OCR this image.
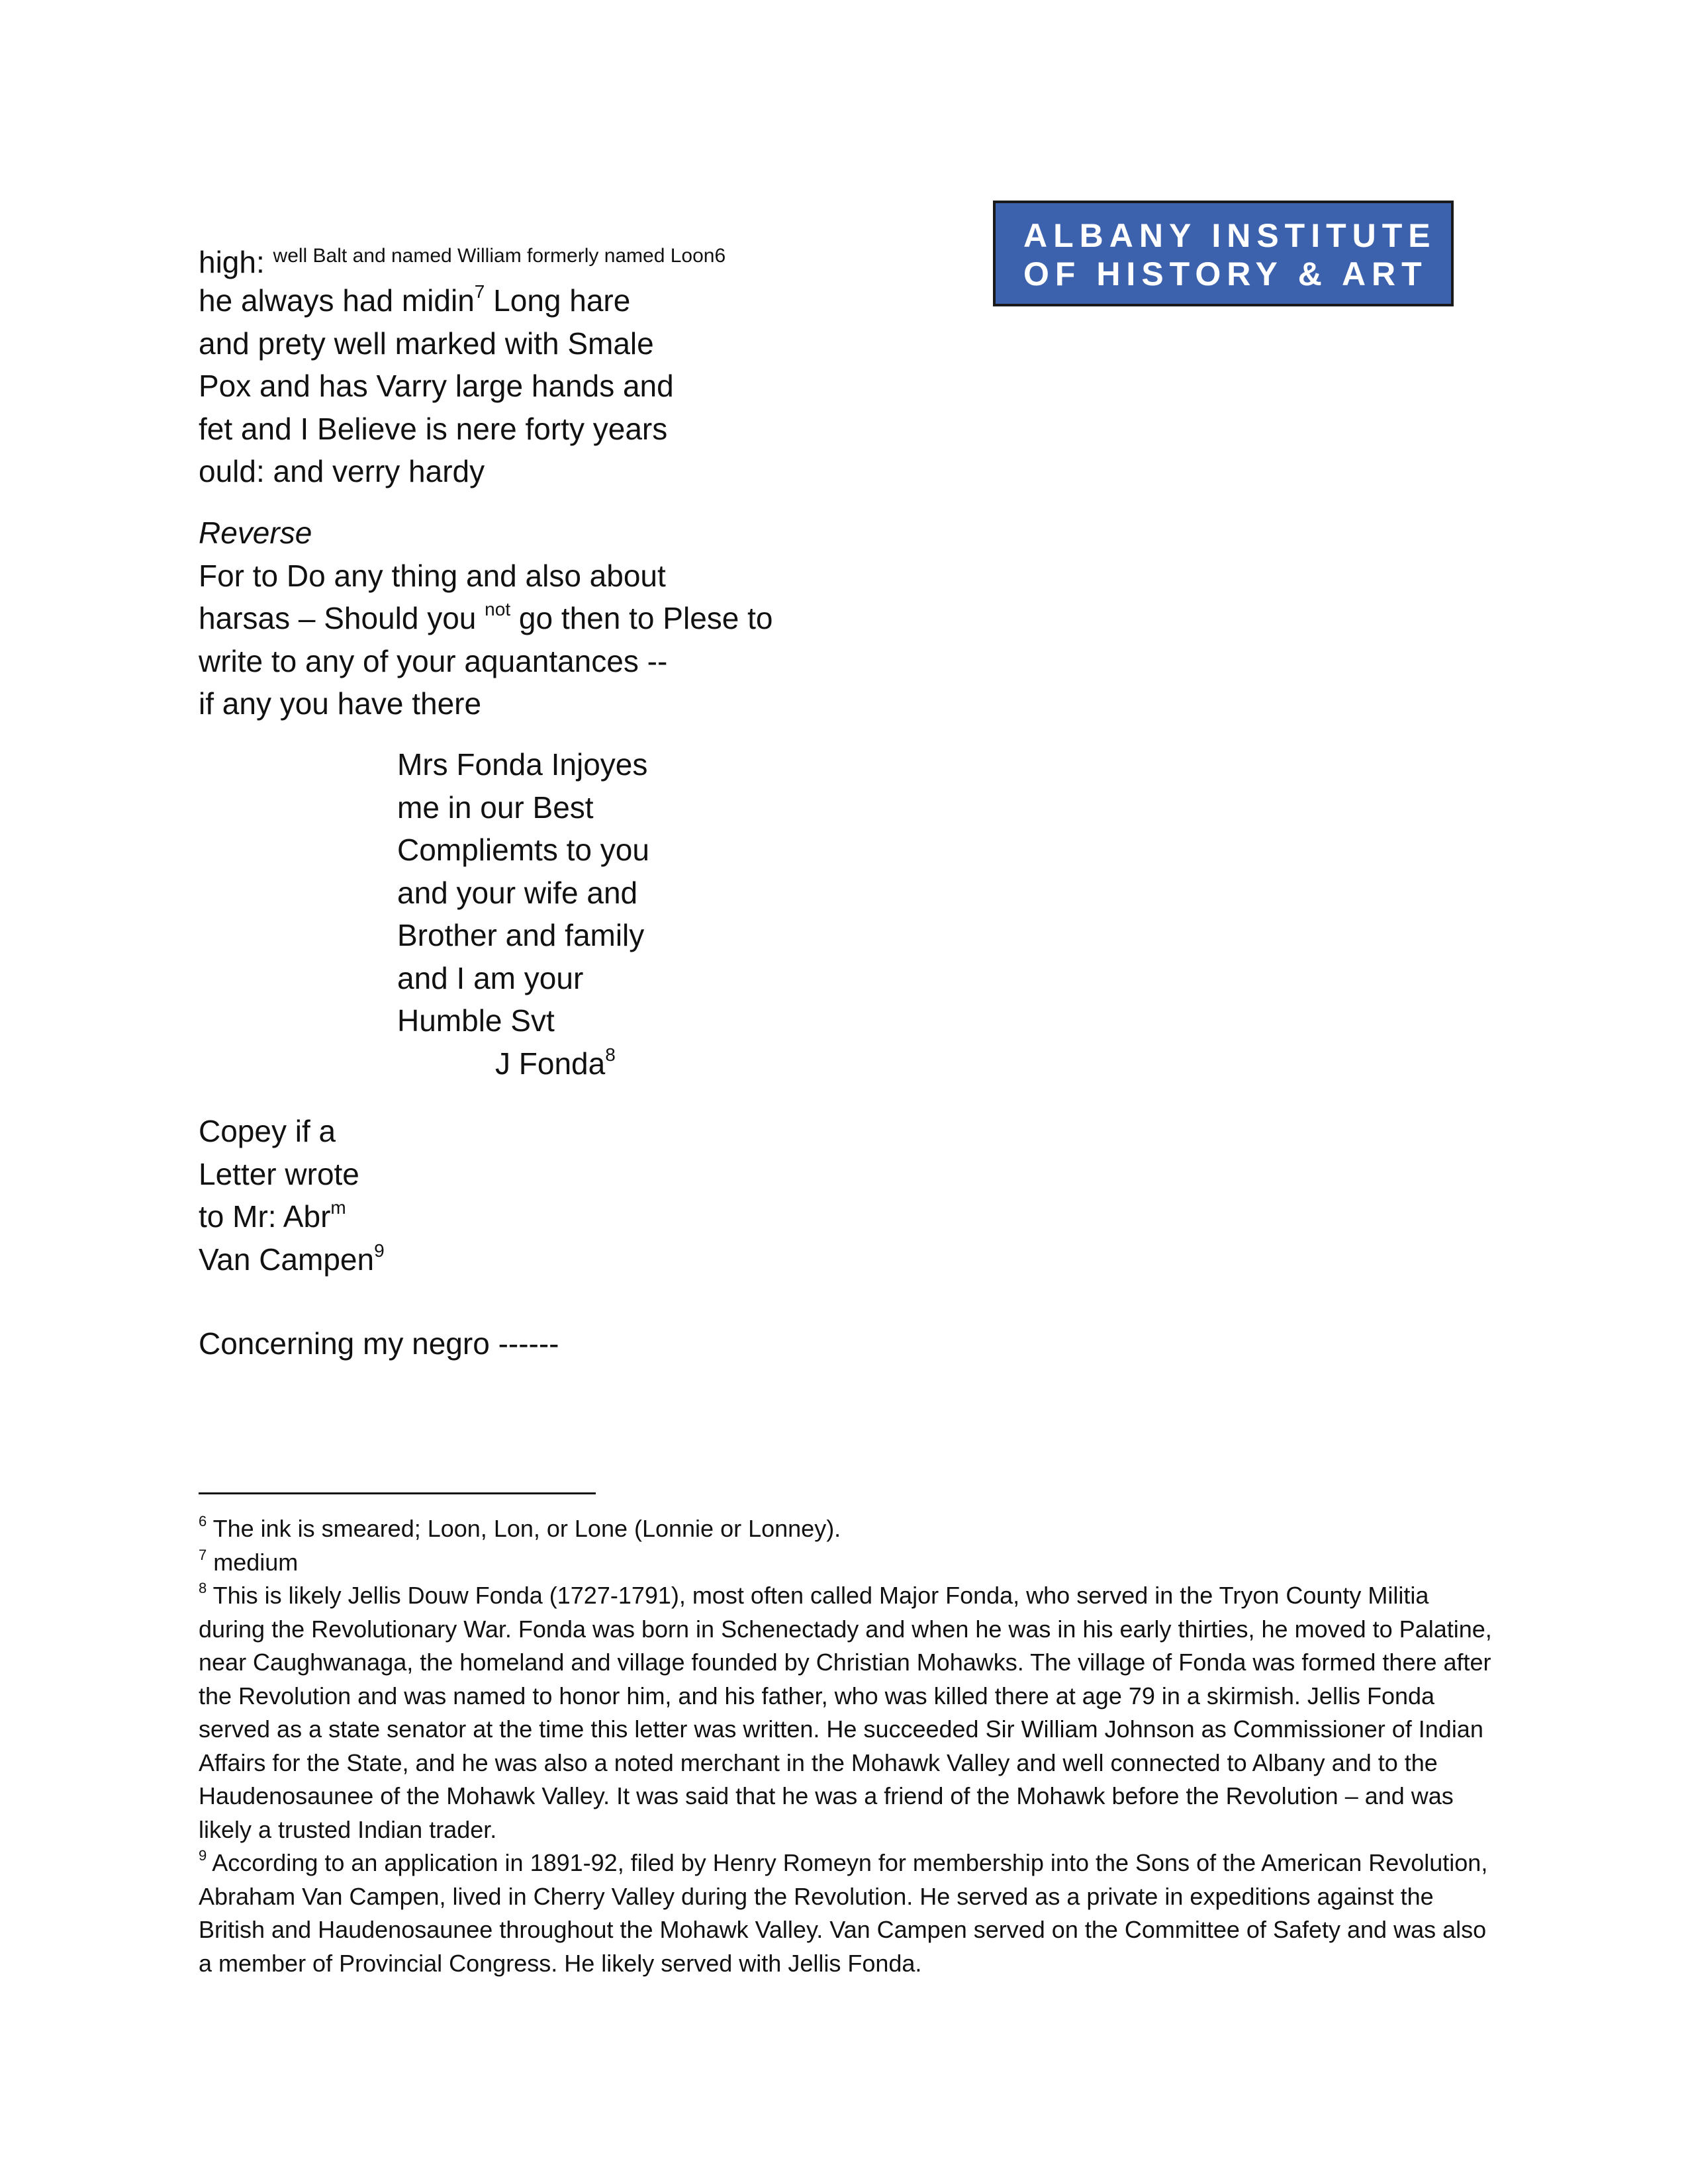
ALBANY INSTITUTE
OF HISTORY & ART
high: $^{well Balt and named William formerly named Loon6}$
he always had midin$^7$ Long hare
and prety well marked with Smale
Pox and has Varry large hands and
fet and I Believe is nere forty years
ould: and verry hardy
Reverse
For to Do any thing and also about
harsas – Should you $^{not}$ go then to Plese to
write to any of your aquantances --
if any you have there
Mrs Fonda Injoyes
me in our Best
Compliemts to you
and your wife and
Brother and family
and I am your
Humble Svt
J Fonda$^8$
Copey if a
Letter wrote
to Mr: Abr$^m$
Van Campen$^9$
Concerning my negro ------
$^6$ The ink is smeared; Loon, Lon, or Lone (Lonnie or Lonney).
$^7$ medium
$^8$ This is likely Jellis Douw Fonda (1727-1791), most often called Major Fonda, who served in the Tryon County Militia during the Revolutionary War. Fonda was born in Schenectady and when he was in his early thirties, he moved to Palatine, near Caughwanaga, the homeland and village founded by Christian Mohawks. The village of Fonda was formed there after the Revolution and was named to honor him, and his father, who was killed there at age 79 in a skirmish. Jellis Fonda served as a state senator at the time this letter was written. He succeeded Sir William Johnson as Commissioner of Indian Affairs for the State, and he was also a noted merchant in the Mohawk Valley and well connected to Albany and to the Haudenosaunee of the Mohawk Valley. It was said that he was a friend of the Mohawk before the Revolution – and was likely a trusted Indian trader.
$^9$ According to an application in 1891-92, filed by Henry Romeyn for membership into the Sons of the American Revolution, Abraham Van Campen, lived in Cherry Valley during the Revolution. He served as a private in expeditions against the British and Haudenosaunee throughout the Mohawk Valley. Van Campen served on the Committee of Safety and was also a member of Provincial Congress. He likely served with Jellis Fonda.
